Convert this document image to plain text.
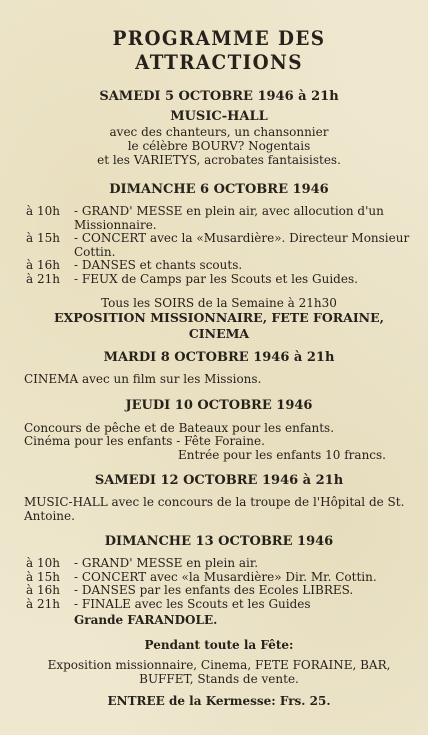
PROGRAMME DES ATTRACTIONS

SAMEDI 5 OCTOBRE 1946 à 21h

MUSIC-HALL

avec des chanteurs, un chansonnier

le célèbre BOURV? Nogentais

et les VARIETYS, acrobates fantaisistes.

DIMANCHE 6 OCTOBRE 1946

à 10h	- GRAND' MESSE en plein air, avec allocution d'un Missionnaire.
à 15h	- CONCERT avec la «Musardière». Directeur Monsieur Cottin.
à 16h	- DANSES et chants scouts.
à 21h	- FEUX de Camps par les Scouts et les Guides.

Tous les SOIRS de la Semaine à 21h30

EXPOSITION MISSIONNAIRE, FETE FORAINE, CINEMA

MARDI 8 OCTOBRE 1946 à 21h

CINEMA avec un film sur les Missions.

JEUDI 10 OCTOBRE 1946

Concours de pêche et de Bateaux pour les enfants.

Cinéma pour les enfants - Fête Foraine.

Entrée pour les enfants 10 francs.

SAMEDI 12 OCTOBRE 1946 à 21h

MUSIC-HALL avec le concours de la troupe de l'Hôpital de St. Antoine.

DIMANCHE 13 OCTOBRE 1946

à 10h	- GRAND' MESSE en plein air.
à 15h	- CONCERT avec «la Musardière» Dir. Mr. Cottin.
à 16h	- DANSES par les enfants des Ecoles LIBRES.
à 21h	- FINALE avec les Scouts et les Guides
Grande FARANDOLE.

Pendant toute la Fête:

Exposition missionnaire, Cinema, FETE FORAINE, BAR,

BUFFET, Stands de vente.

ENTREE de la Kermesse: Frs. 25.
